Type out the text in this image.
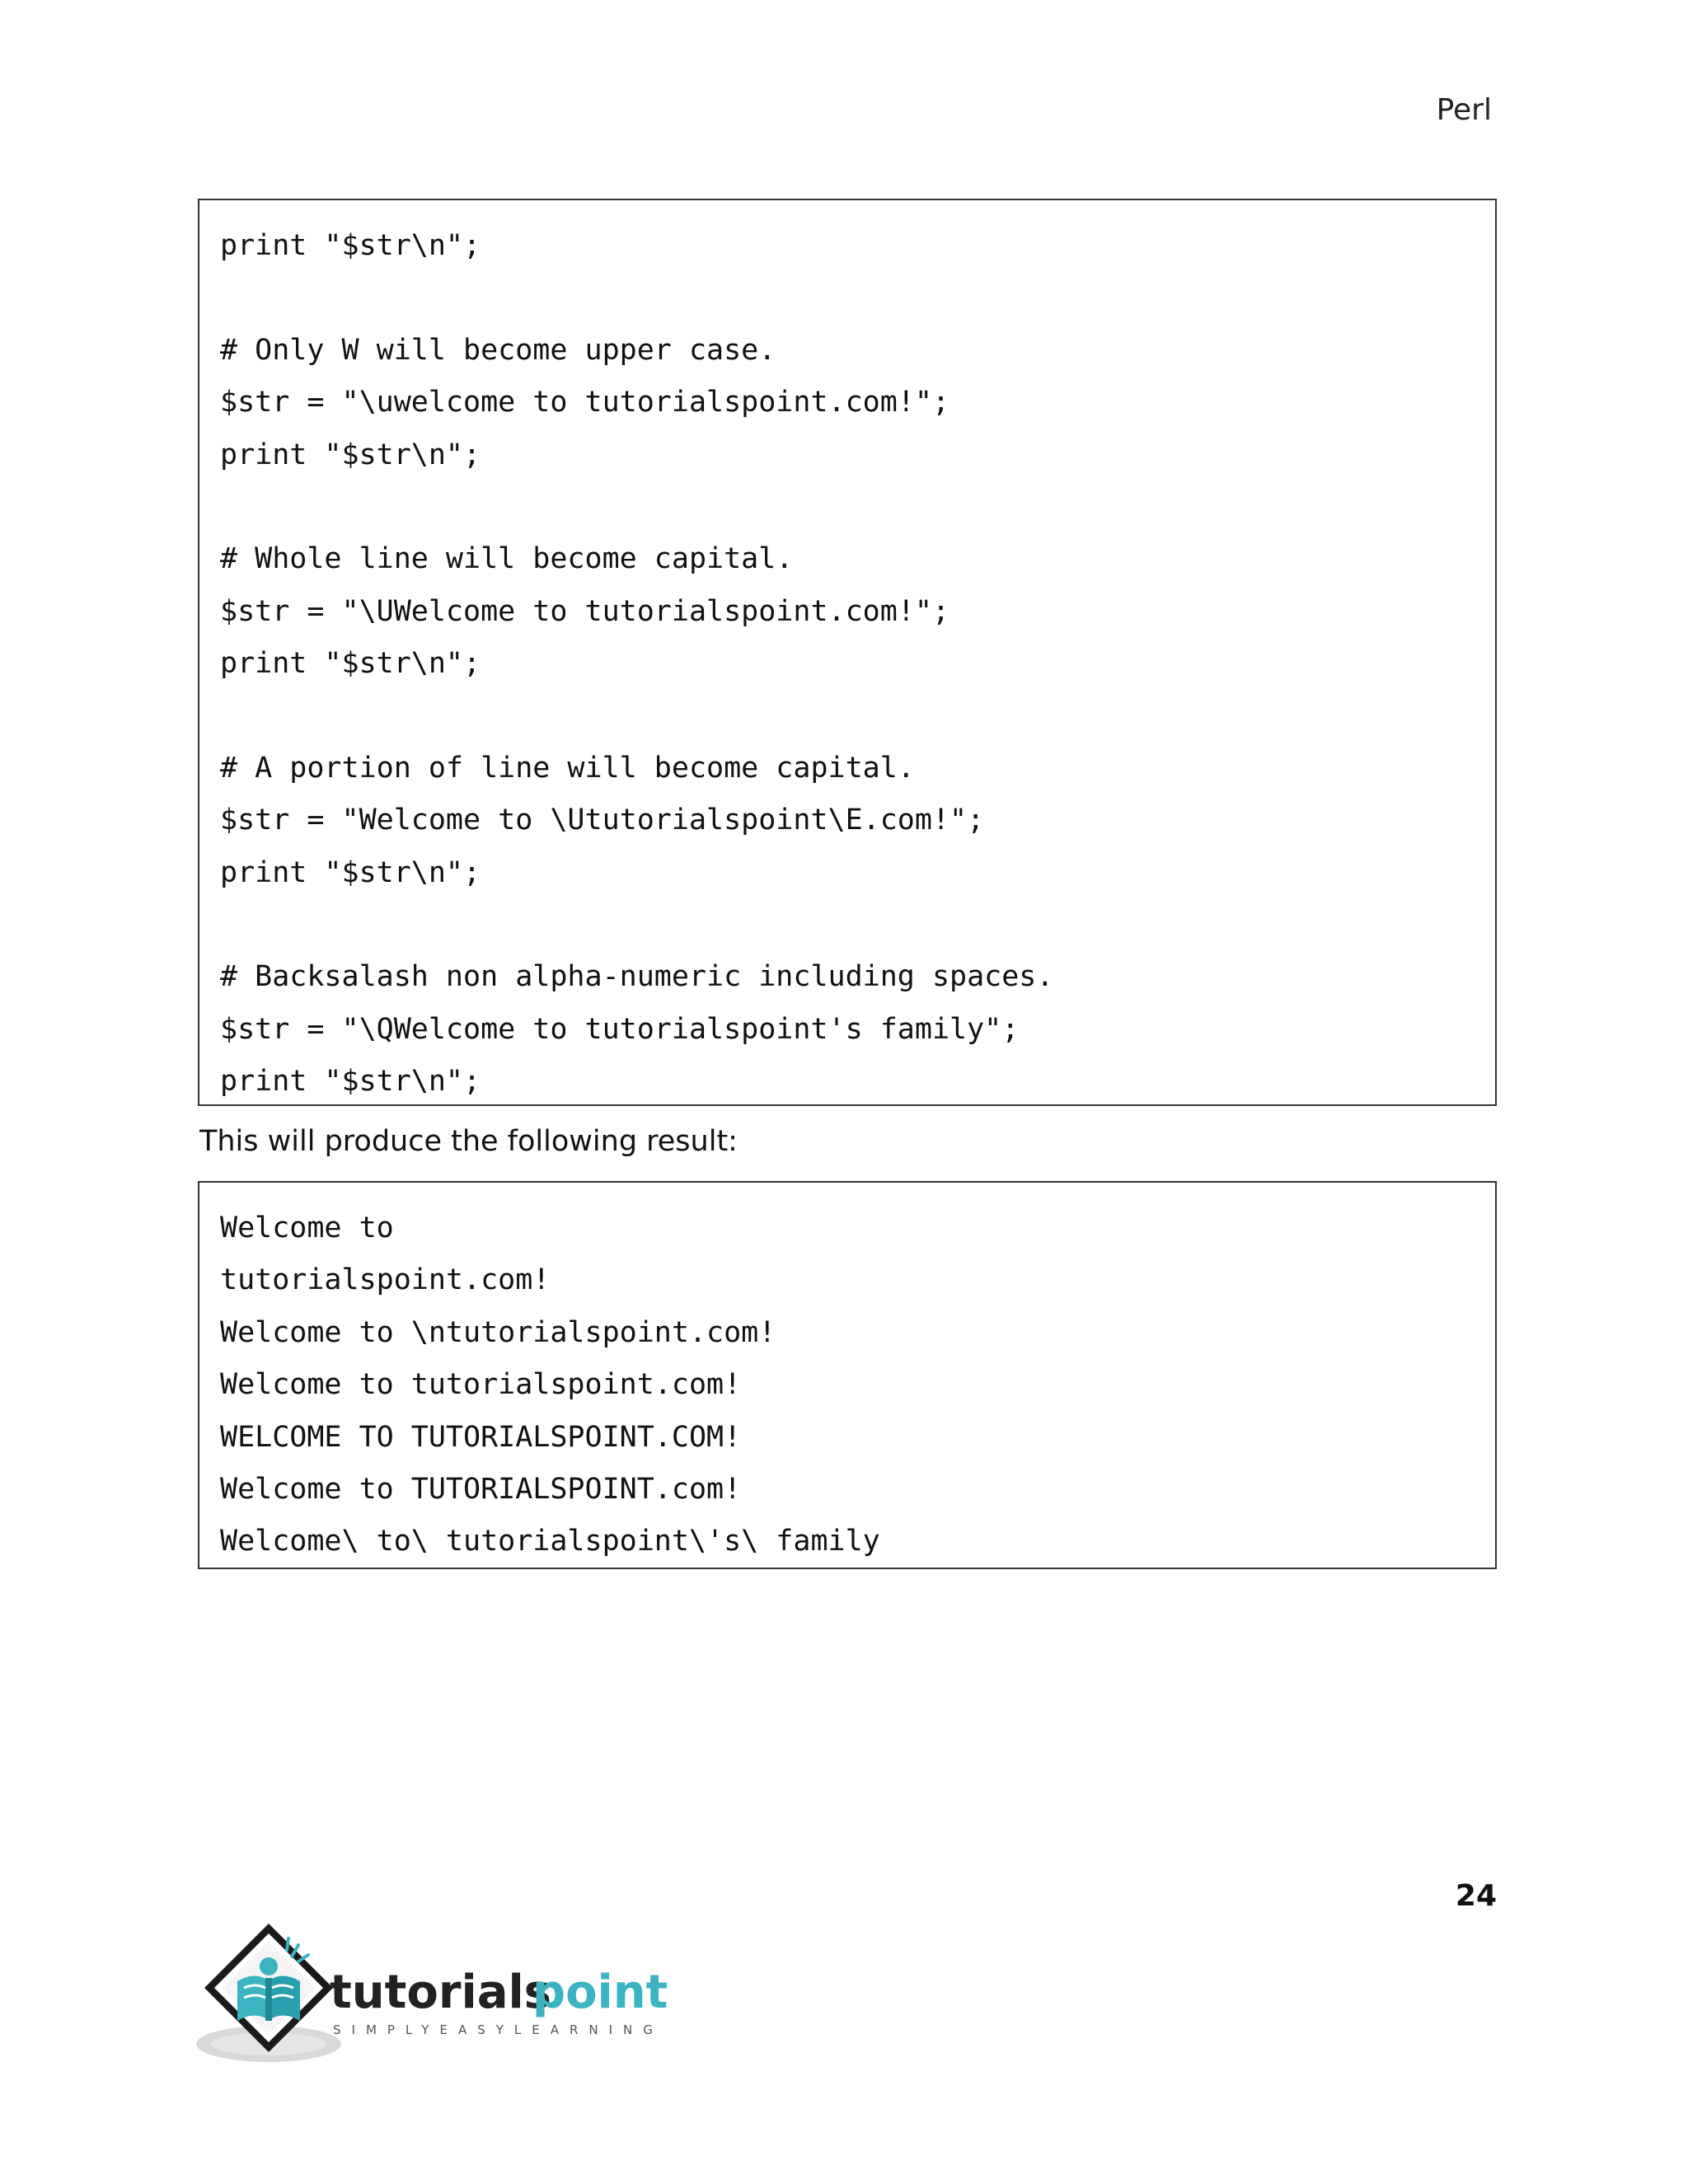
Perl
print "$str\n";
# Only W will become upper case.
$str = "\uwelcome to tutorialspoint.com!";
print "$str\n";
# Whole line will become capital.
$str = "\UWelcome to tutorialspoint.com!";
print "$str\n";
# A portion of line will become capital.
$str = "Welcome to \Ututorialspoint\E.com!";
print "$str\n";
# Backsalash non alpha-numeric including spaces.
$str = "\QWelcome to tutorialspoint's family";
print "$str\n";
This will produce the following result:
Welcome to
tutorialspoint.com!
Welcome to \ntutorialspoint.com!
Welcome to tutorialspoint.com!
WELCOME TO TUTORIALSPOINT.COM!
Welcome to TUTORIALSPOINT.com!
Welcome\ to\ tutorialspoint\'s\ family
24
tutorials
point
SIMPLYEASYLEARNING
